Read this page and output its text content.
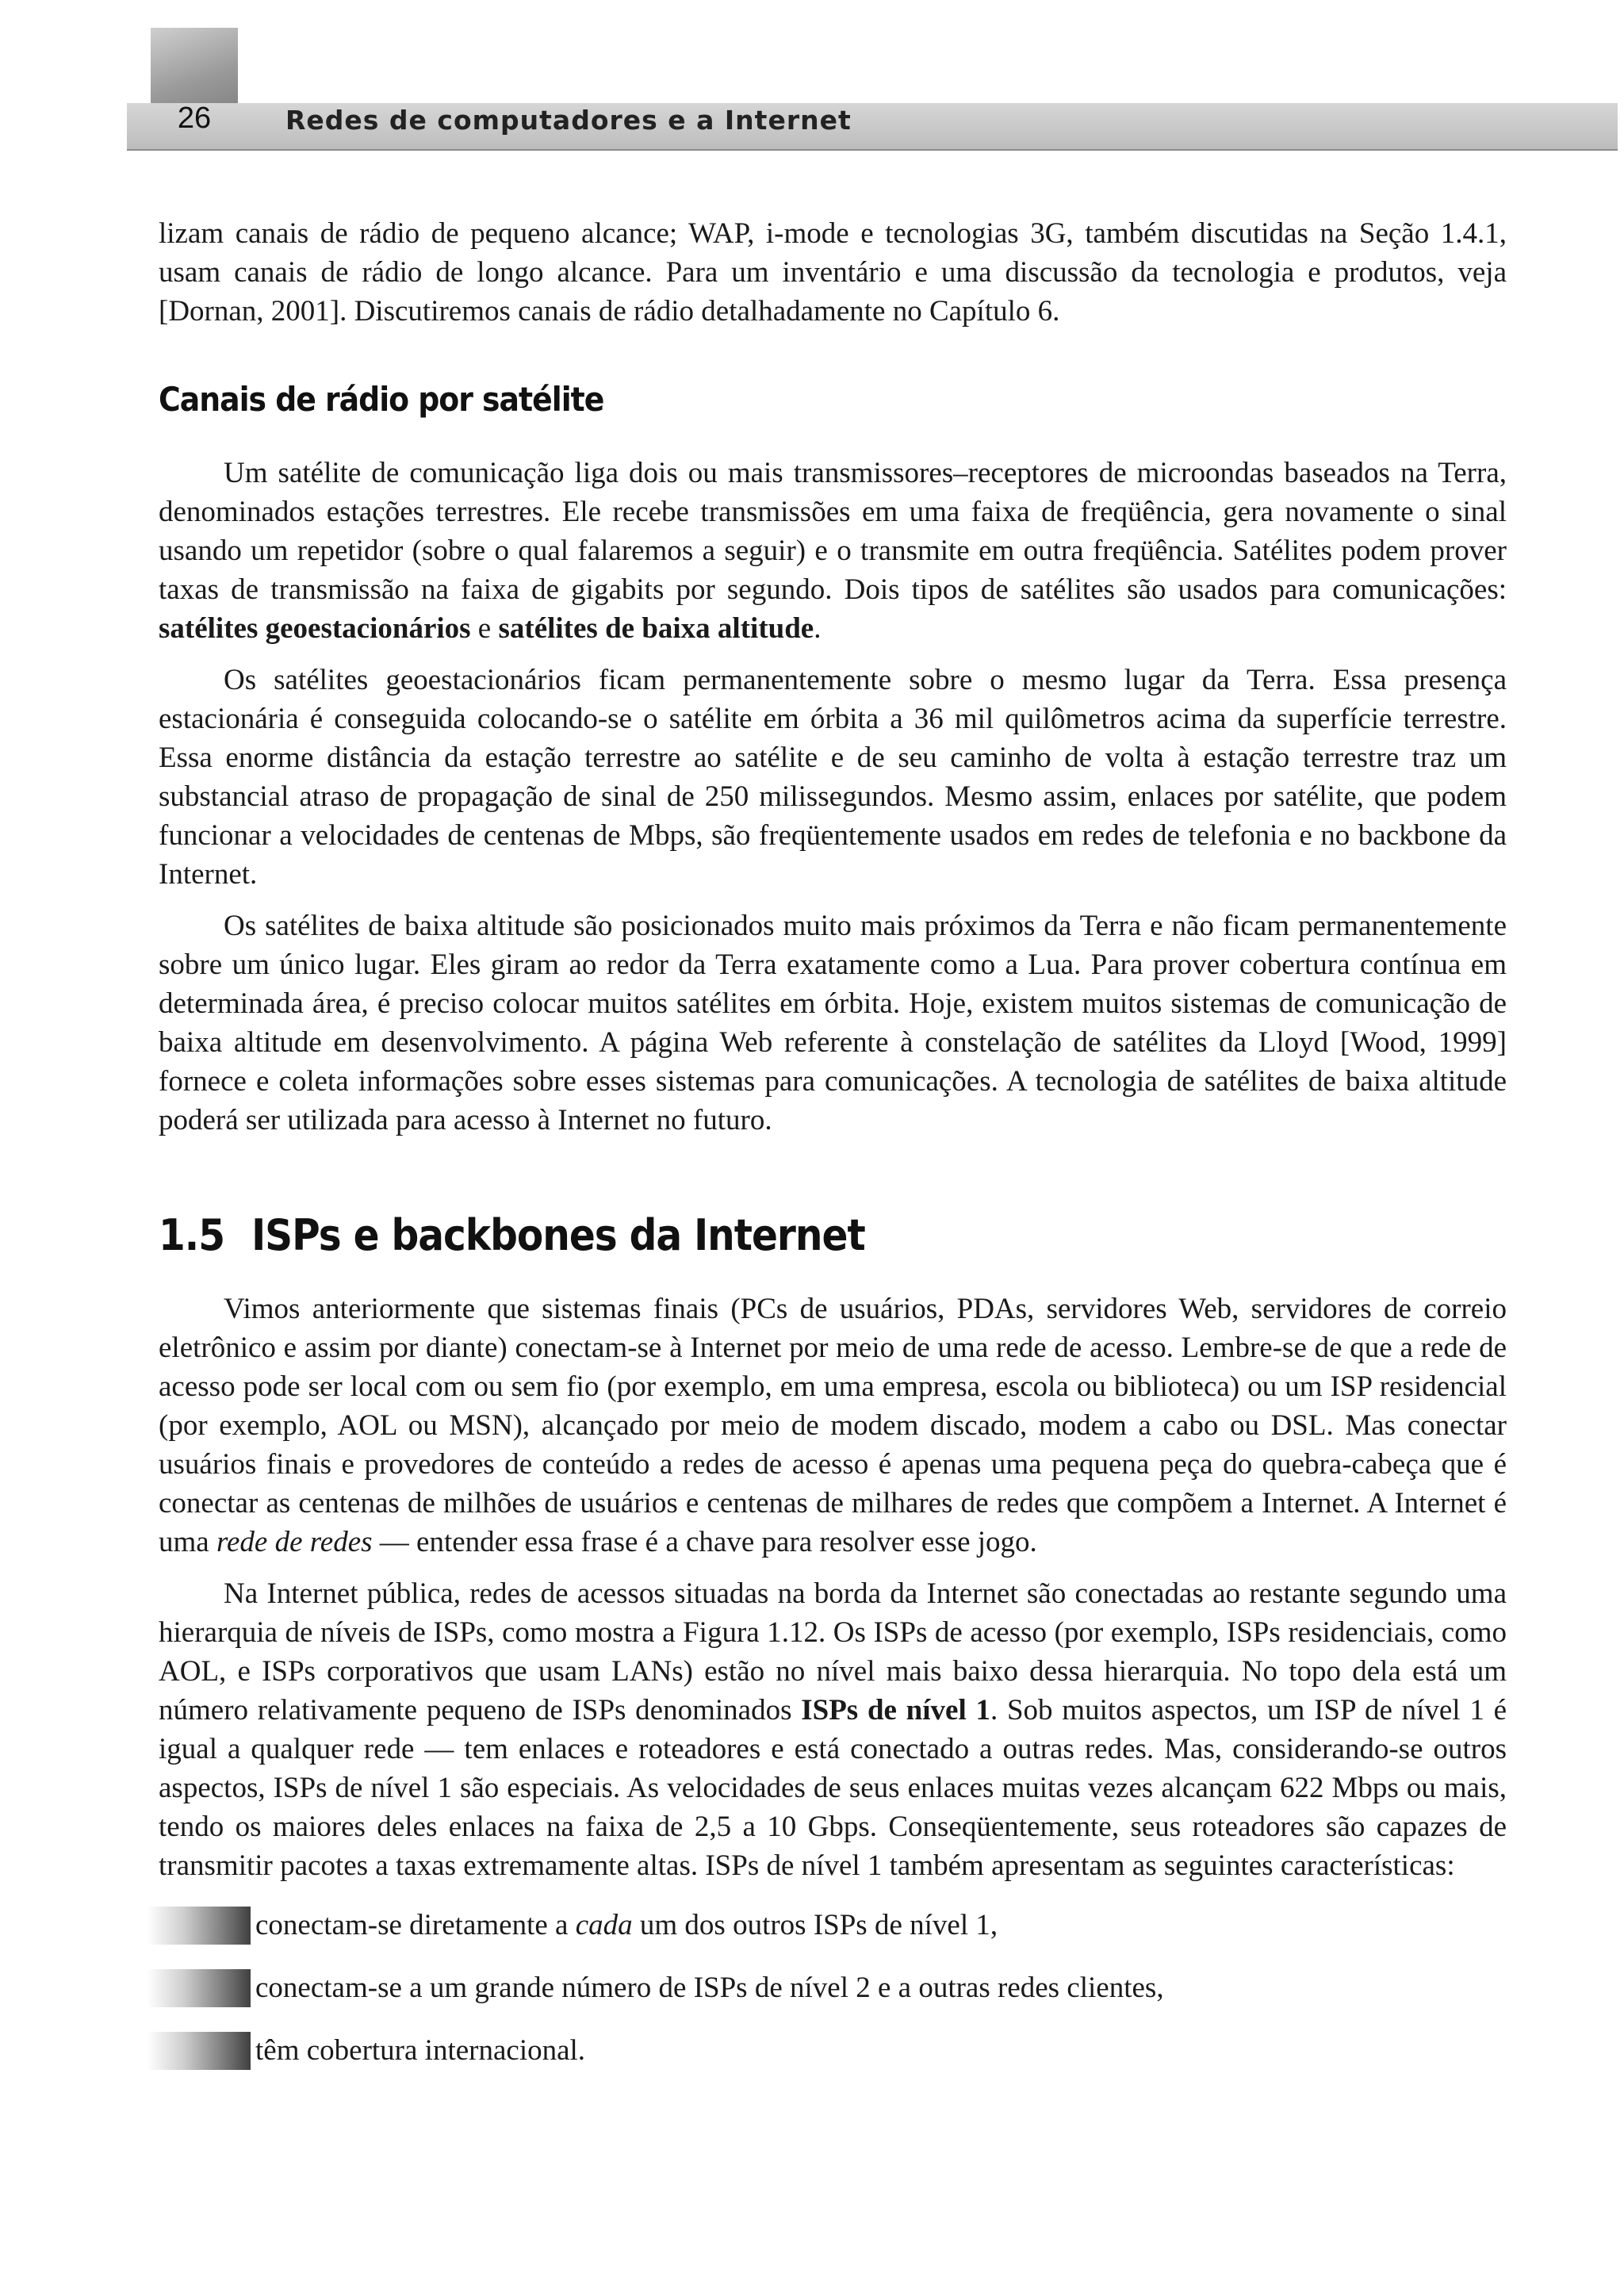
26	Redes de computadores e a Internet

lizam canais de rádio de pequeno alcance; WAP, i-mode e tecnologias 3G, também discutidas na Seção 1.4.1, usam canais de rádio de longo alcance. Para um inventário e uma discussão da tecnologia e produtos, veja [Dornan, 2001]. Discutiremos canais de rádio detalhadamente no Capítulo 6.

Canais de rádio por satélite

Um satélite de comunicação liga dois ou mais transmissores–receptores de microondas baseados na Terra, denominados estações terrestres. Ele recebe transmissões em uma faixa de freqüência, gera novamente o sinal usando um repetidor (sobre o qual falaremos a seguir) e o transmite em outra freqüência. Satélites podem prover taxas de transmissão na faixa de gigabits por segundo. Dois tipos de satélites são usados para comunicações: satélites geoestacionários e satélites de baixa altitude.

Os satélites geoestacionários ficam permanentemente sobre o mesmo lugar da Terra. Essa presença estacionária é conseguida colocando-se o satélite em órbita a 36 mil quilômetros acima da superfície terrestre. Essa enorme distância da estação terrestre ao satélite e de seu caminho de volta à estação terrestre traz um substancial atraso de propagação de sinal de 250 milissegundos. Mesmo assim, enlaces por satélite, que podem funcionar a velocidades de centenas de Mbps, são freqüentemente usados em redes de telefonia e no backbone da Internet.

Os satélites de baixa altitude são posicionados muito mais próximos da Terra e não ficam permanentemente sobre um único lugar. Eles giram ao redor da Terra exatamente como a Lua. Para prover cobertura contínua em determinada área, é preciso colocar muitos satélites em órbita. Hoje, existem muitos sistemas de comunicação de baixa altitude em desenvolvimento. A página Web referente à constelação de satélites da Lloyd [Wood, 1999] fornece e coleta informações sobre esses sistemas para comunicações. A tecnologia de satélites de baixa altitude poderá ser utilizada para acesso à Internet no futuro.

1.5 ISPs e backbones da Internet

Vimos anteriormente que sistemas finais (PCs de usuários, PDAs, servidores Web, servidores de correio eletrônico e assim por diante) conectam-se à Internet por meio de uma rede de acesso. Lembre-se de que a rede de acesso pode ser local com ou sem fio (por exemplo, em uma empresa, escola ou biblioteca) ou um ISP residencial (por exemplo, AOL ou MSN), alcançado por meio de modem discado, modem a cabo ou DSL. Mas conectar usuários finais e provedores de conteúdo a redes de acesso é apenas uma pequena peça do quebra-cabeça que é conectar as centenas de milhões de usuários e centenas de milhares de redes que compõem a Internet. A Internet é uma rede de redes — entender essa frase é a chave para resolver esse jogo.

Na Internet pública, redes de acessos situadas na borda da Internet são conectadas ao restante segundo uma hierarquia de níveis de ISPs, como mostra a Figura 1.12. Os ISPs de acesso (por exemplo, ISPs residenciais, como AOL, e ISPs corporativos que usam LANs) estão no nível mais baixo dessa hierarquia. No topo dela está um número relativamente pequeno de ISPs denominados ISPs de nível 1. Sob muitos aspectos, um ISP de nível 1 é igual a qualquer rede — tem enlaces e roteadores e está conectado a outras redes. Mas, considerando-se outros aspectos, ISPs de nível 1 são especiais. As velocidades de seus enlaces muitas vezes alcançam 622 Mbps ou mais, tendo os maiores deles enlaces na faixa de 2,5 a 10 Gbps. Conseqüentemente, seus roteadores são capazes de transmitir pacotes a taxas extremamente altas. ISPs de nível 1 também apresentam as seguintes características:

conectam-se diretamente a cada um dos outros ISPs de nível 1,
conectam-se a um grande número de ISPs de nível 2 e a outras redes clientes,
têm cobertura internacional.
